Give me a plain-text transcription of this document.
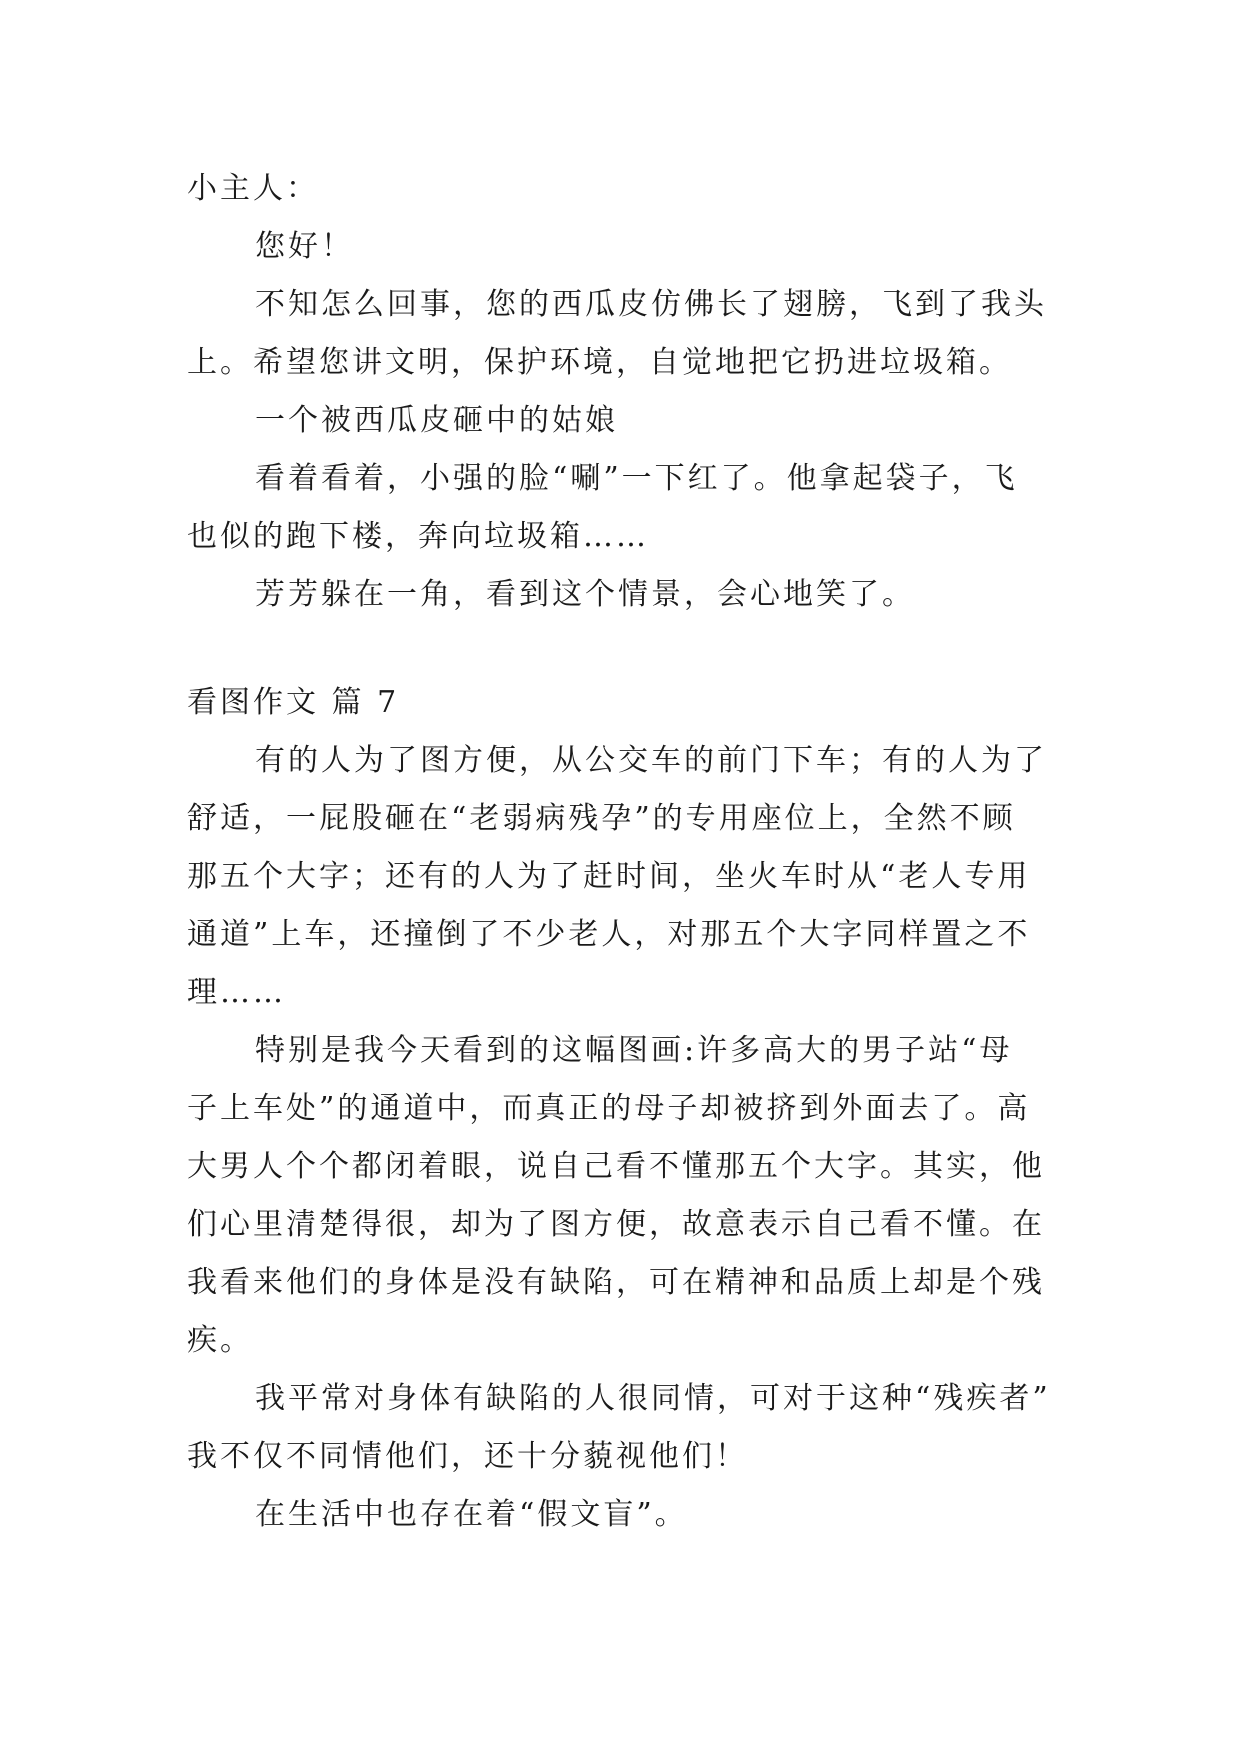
小主人：
您好！
不知怎么回事，您的西瓜皮仿佛长了翅膀，飞到了我头
上。希望您讲文明，保护环境，自觉地把它扔进垃圾箱。
一个被西瓜皮砸中的姑娘
看着看着，小强的脸“唰”一下红了。他拿起袋子，飞
也似的跑下楼，奔向垃圾箱……
芳芳躲在一角，看到这个情景，会心地笑了。
看图作文 篇 7
有的人为了图方便，从公交车的前门下车；有的人为了
舒适，一屁股砸在“老弱病残孕”的专用座位上，全然不顾
那五个大字；还有的人为了赶时间，坐火车时从“老人专用
通道”上车，还撞倒了不少老人，对那五个大字同样置之不
理……
特别是我今天看到的这幅图画:许多高大的男子站“母
子上车处”的通道中，而真正的母子却被挤到外面去了。高
大男人个个都闭着眼，说自己看不懂那五个大字。其实，他
们心里清楚得很，却为了图方便，故意表示自己看不懂。在
我看来他们的身体是没有缺陷，可在精神和品质上却是个残
疾。
我平常对身体有缺陷的人很同情，可对于这种“残疾者”
我不仅不同情他们，还十分藐视他们！
在生活中也存在着“假文盲”。
